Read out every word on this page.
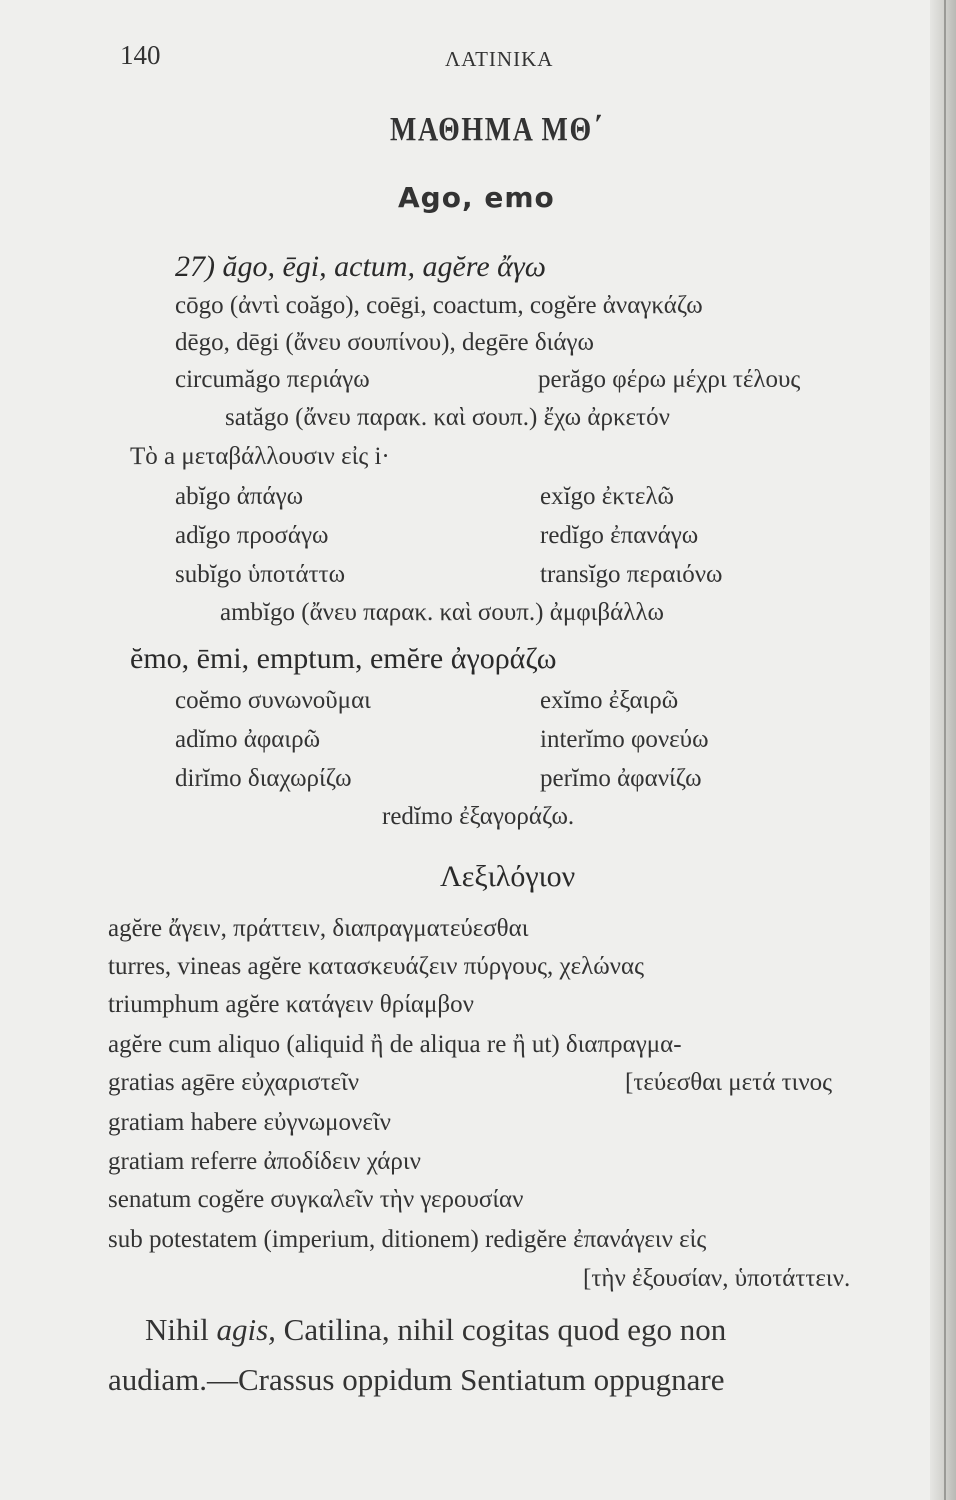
140	ΛΑΤΙΝΙΚΑ
ΜΑΘΗΜΑ ΜΘ΄
Ago, emo
27) ăgo, ēgi, actum, agĕre ἄγω
cōgo (ἀντὶ coăgo), coēgi, coactum, cogĕre ἀναγκάζω
dēgo, dēgi (ἄνευ σουπίνου), degēre διάγω
circumăgo περιάγω	perăgo φέρω μέχρι τέλους
satăgo (ἄνευ παρακ. καὶ σουπ.) ἔχω ἀρκετόν
Τὸ a μεταβάλλουσιν εἰς i·
abĭgo ἀπάγω	exĭgo ἐκτελῶ
adĭgo προσάγω	redĭgo ἐπανάγω
subĭgo ὑποτάττω	transĭgo περαιόνω
ambĭgo (ἄνευ παρακ. καὶ σουπ.) ἀμφιβάλλω
ĕmo, ēmi, emptum, emĕre ἀγοράζω
coĕmo συνωνοῦμαι	exĭmo ἐξαιρῶ
adĭmo ἀφαιρῶ	interĭmo φονεύω
dirĭmo διαχωρίζω	perĭmo ἀφανίζω
redĭmo ἐξαγοράζω.
Λεξιλόγιον
agĕre ἄγειν, πράττειν, διαπραγματεύεσθαι
turres, vineas agĕre κατασκευάζειν πύργους, χελώνας
triumphum agĕre κατάγειν θρίαμβον
agĕre cum aliquo (aliquid ἢ de aliqua re ἢ ut) διαπραγμα-
gratias agēre εὐχαριστεῖν	[τεύεσθαι μετά τινος
gratiam habere εὐγνωμονεῖν
gratiam referre ἀποδίδειν χάριν
senatum cogĕre συγκαλεῖν τὴν γερουσίαν
sub potestatem (imperium, ditionem) redigĕre ἐπανάγειν εἰς
[τὴν ἐξουσίαν, ὑποτάττειν.
Nihil agis, Catilina, nihil cogitas quod ego non
audiam.—Crassus oppidum Sentiatum oppugnare
